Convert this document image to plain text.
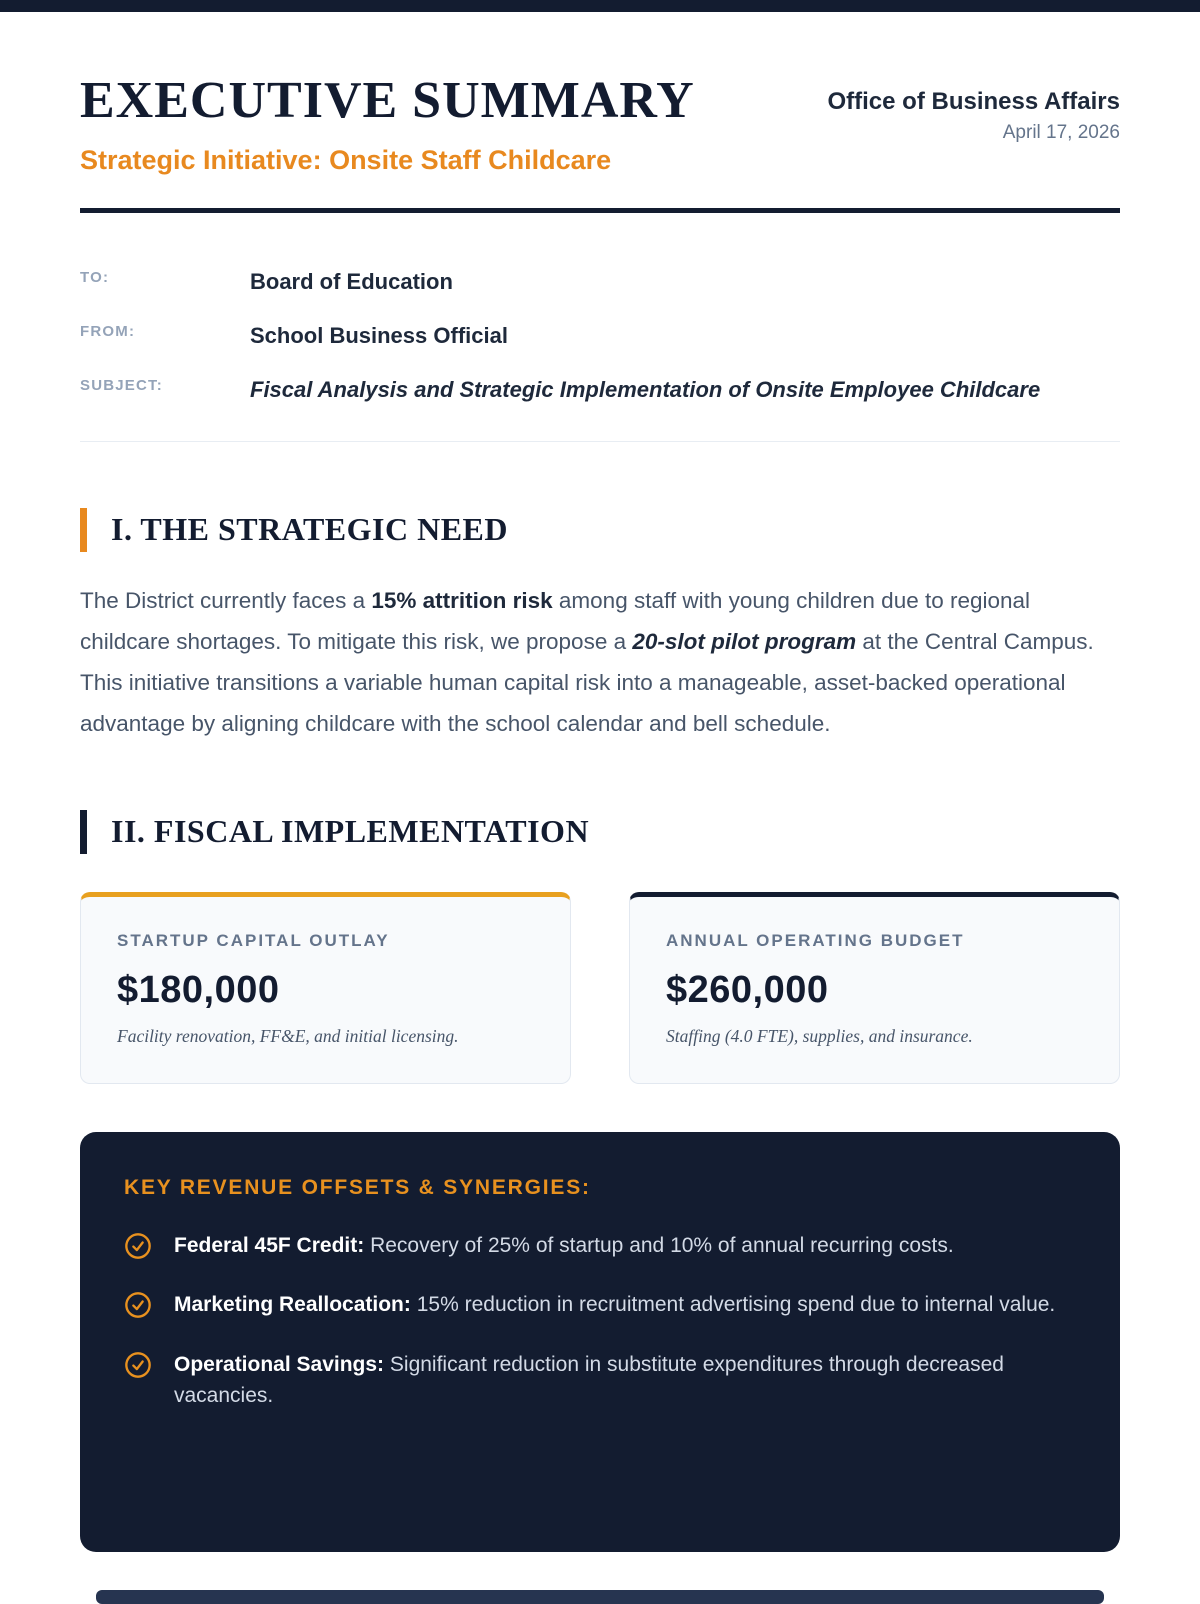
EXECUTIVE SUMMARY
Strategic Initiative: Onsite Staff Childcare
Office of Business Affairs
April 17, 2026
TO:	Board of Education
FROM:	School Business Official
SUBJECT:	Fiscal Analysis and Strategic Implementation of Onsite Employee Childcare
I. THE STRATEGIC NEED

The District currently faces a 15% attrition risk among staff with young children due to regional childcare shortages. To mitigate this risk, we propose a 20-slot pilot program at the Central Campus. This initiative transitions a variable human capital risk into a manageable, asset-backed operational advantage by aligning childcare with the school calendar and bell schedule.

II. FISCAL IMPLEMENTATION
STARTUP CAPITAL OUTLAY
$180,000
Facility renovation, FF&E, and initial licensing.
ANNUAL OPERATING BUDGET
$260,000
Staffing (4.0 FTE), supplies, and insurance.
KEY REVENUE OFFSETS & SYNERGIES:
Federal 45F Credit: Recovery of 25% of startup and 10% of annual recurring costs.
Marketing Reallocation: 15% reduction in recruitment advertising spend due to internal value.
Operational Savings: Significant reduction in substitute expenditures through decreased vacancies.
